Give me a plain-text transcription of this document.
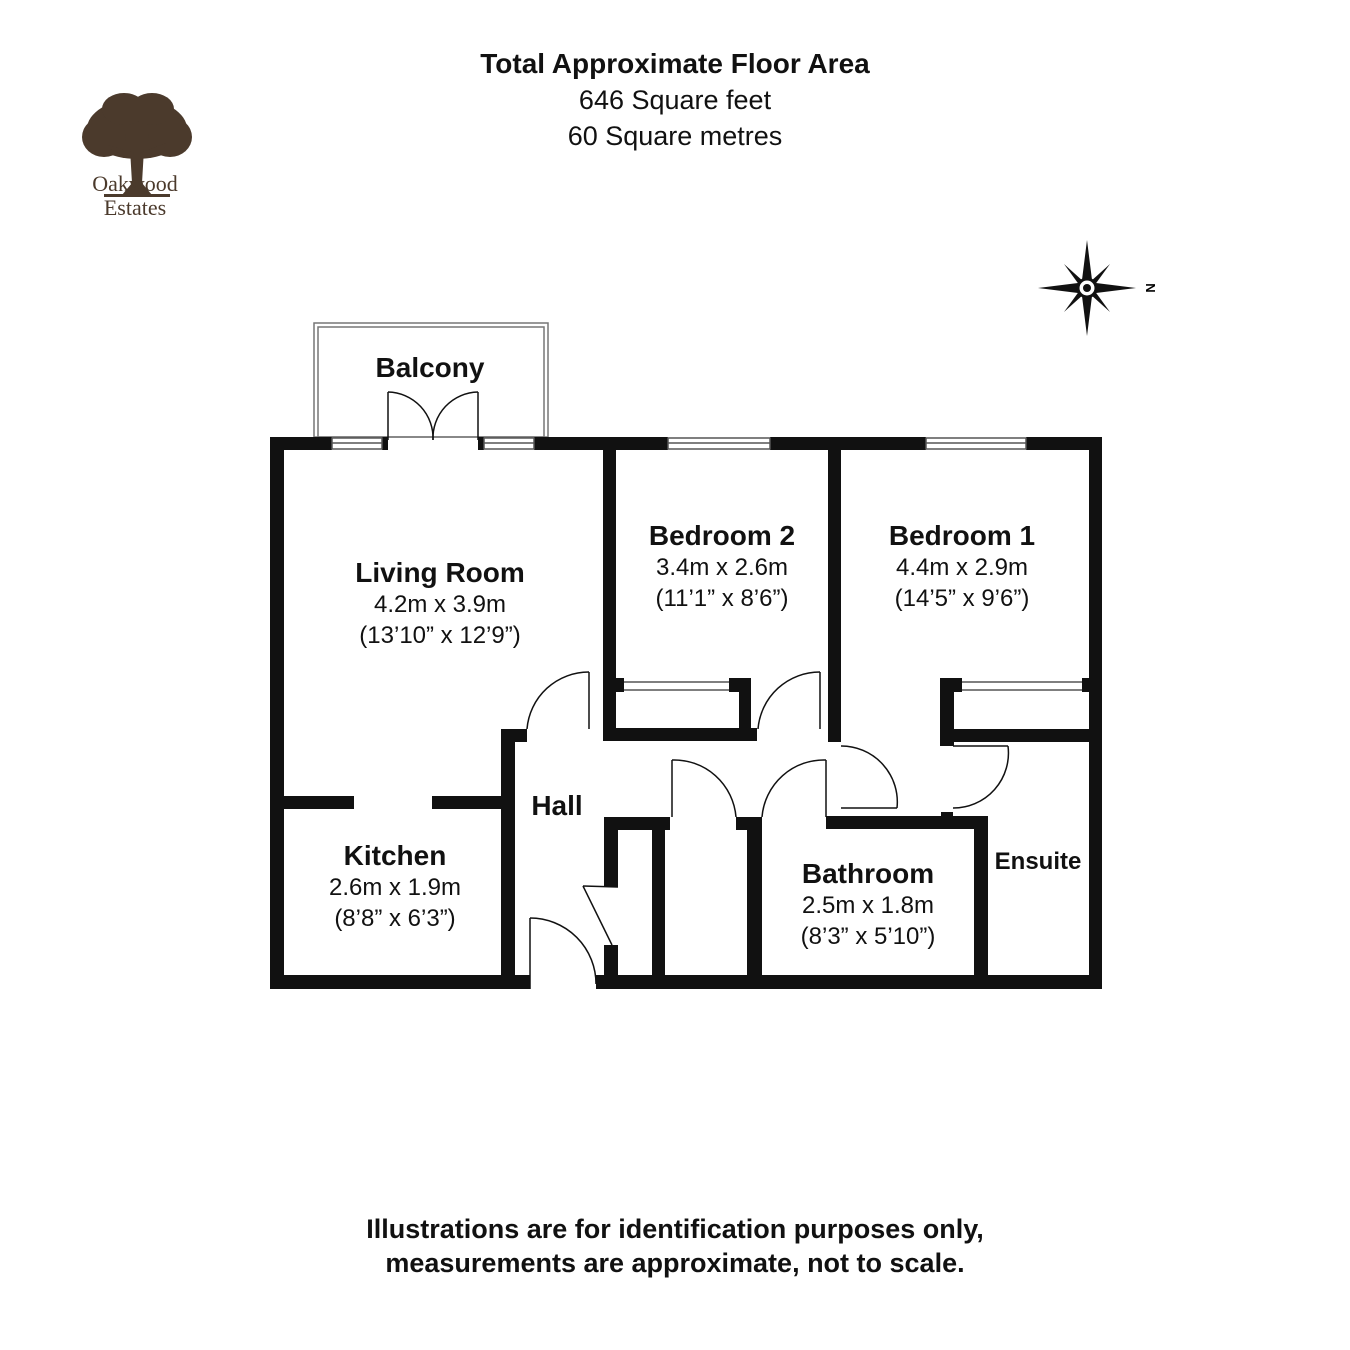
Total Approximate Floor Area
646 Square feet
60 Square metres
Oakwood
Estates
N
Balcony
Living Room
4.2m x 3.9m
(13’10” x 12’9”)
Bedroom 2
3.4m x 2.6m
(11’1” x 8’6”)
Bedroom 1
4.4m x 2.9m
(14’5” x 9’6”)
Hall
Kitchen
2.6m x 1.9m
(8’8” x 6’3”)
Bathroom
2.5m x 1.8m
(8’3” x 5’10”)
Ensuite
Illustrations are for identification purposes only,
measurements are approximate, not to scale.
